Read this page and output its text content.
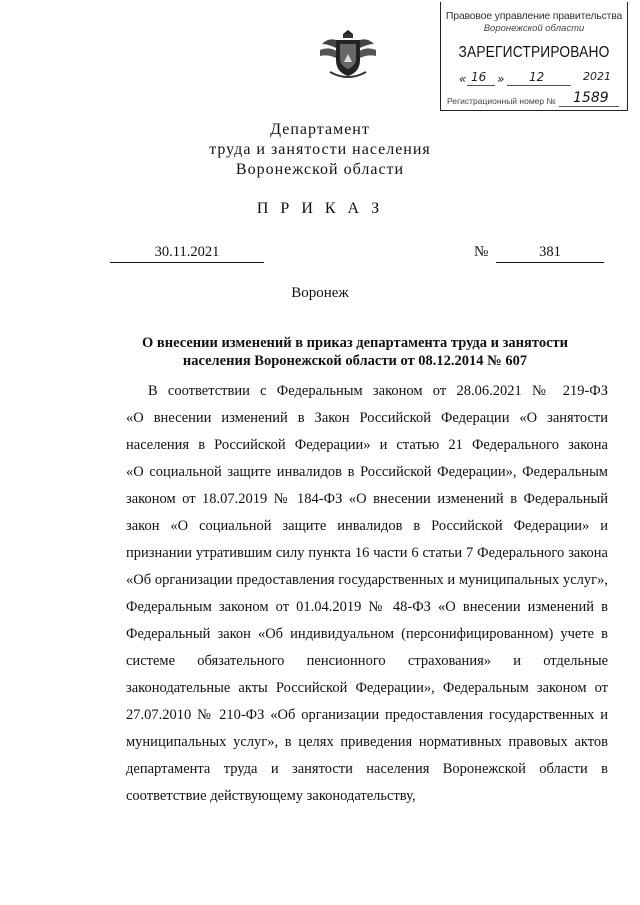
Правовое управление правительства
Воронежской области
ЗАРЕГИСТРИРОВАНО
« 16 » 12	2021
Регистрационный номер № 1589
Департамент
труда и занятости населения
Воронежской области
П Р И К А З
30.11.2021	№	381
Воронеж
О внесении изменений в приказ департамента труда и занятости
населения Воронежской области от 08.12.2014 № 607
В соответствии с Федеральным законом от 28.06.2021 № 219-ФЗ
«О внесении изменений в Закон Российской Федерации «О занятости
населения в Российской Федерации» и статью 21 Федерального закона
«О социальной защите инвалидов в Российской Федерации», Федеральным
законом от 18.07.2019 № 184-ФЗ «О внесении изменений в Федеральный
закон «О социальной защите инвалидов в Российской Федерации» и
признании утратившим силу пункта 16 части 6 статьи 7 Федерального закона
«Об организации предоставления государственных и муниципальных услуг»,
Федеральным законом от 01.04.2019 № 48-ФЗ «О внесении изменений в
Федеральный закон «Об индивидуальном (персонифицированном) учете в
системе обязательного пенсионного страхования» и отдельные
законодательные акты Российской Федерации», Федеральным законом от
27.07.2010 № 210-ФЗ «Об организации предоставления государственных и
муниципальных услуг», в целях приведения нормативных правовых актов
департамента труда и занятости населения Воронежской области в
соответствие действующему законодательству,
